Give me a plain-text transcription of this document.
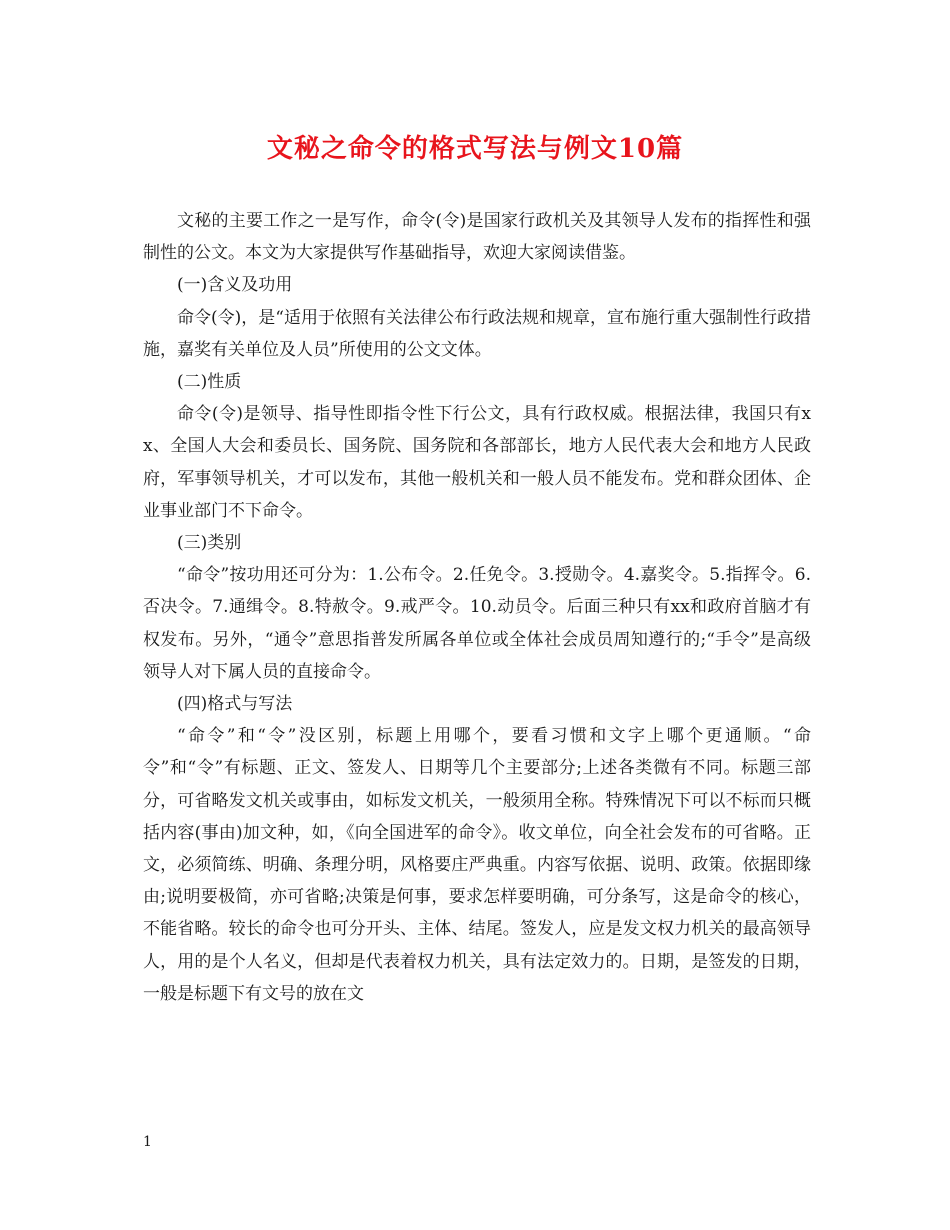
文秘之命令的格式写法与例文10篇

文秘的主要工作之一是写作，命令(令)是国家行政机关及其领导人发布的指挥性和强制性的公文。本文为大家提供写作基础指导，欢迎大家阅读借鉴。

(一)含义及功用

命令(令)，是“适用于依照有关法律公布行政法规和规章，宣布施行重大强制性行政措施，嘉奖有关单位及人员”所使用的公文文体。

(二)性质

命令(令)是领导、指导性即指令性下行公文，具有行政权威。根据法律，我国只有xx、全国人大会和委员长、国务院、国务院和各部部长，地方人民代表大会和地方人民政府，军事领导机关，才可以发布，其他一般机关和一般人员不能发布。党和群众团体、企业事业部门不下命令。

(三)类别

“命令”按功用还可分为：1.公布令。2.任免令。3.授勋令。4.嘉奖令。5.指挥令。6.否决令。7.通缉令。8.特赦令。9.戒严令。10.动员令。后面三种只有xx和政府首脑才有权发布。另外，“通令”意思指普发所属各单位或全体社会成员周知遵行的;“手令”是高级领导人对下属人员的直接命令。

(四)格式与写法

“命令”和“令”没区别，标题上用哪个，要看习惯和文字上哪个更通顺。“命令”和“令”有标题、正文、签发人、日期等几个主要部分;上述各类微有不同。标题三部分，可省略发文机关或事由，如标发文机关，一般须用全称。特殊情况下可以不标而只概括内容(事由)加文种，如，《向全国进军的命令》。收文单位，向全社会发布的可省略。正文，必须简练、明确、条理分明，风格要庄严典重。内容写依据、说明、政策。依据即缘由;说明要极简，亦可省略;决策是何事，要求怎样要明确，可分条写，这是命令的核心，不能省略。较长的命令也可分开头、主体、结尾。签发人，应是发文权力机关的最高领导人，用的是个人名义，但却是代表着权力机关，具有法定效力的。日期，是签发的日期，一般是标题下有文号的放在文

1
